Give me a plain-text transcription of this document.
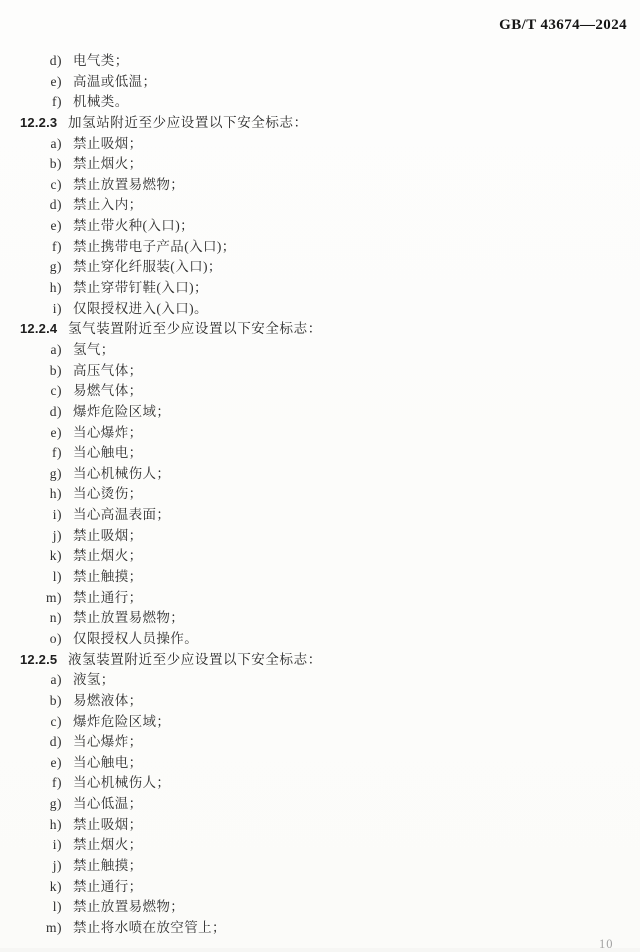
GB/T 43674—2024
d) 电气类；
e) 高温或低温；
f) 机械类。
12.2.3 加氢站附近至少应设置以下安全标志：
a) 禁止吸烟；
b) 禁止烟火；
c) 禁止放置易燃物；
d) 禁止入内；
e) 禁止带火种(入口)；
f) 禁止携带电子产品(入口)；
g) 禁止穿化纤服装(入口)；
h) 禁止穿带钉鞋(入口)；
i) 仅限授权进入(入口)。
12.2.4 氢气装置附近至少应设置以下安全标志：
a) 氢气；
b) 高压气体；
c) 易燃气体；
d) 爆炸危险区域；
e) 当心爆炸；
f) 当心触电；
g) 当心机械伤人；
h) 当心烫伤；
i) 当心高温表面；
j) 禁止吸烟；
k) 禁止烟火；
l) 禁止触摸；
m) 禁止通行；
n) 禁止放置易燃物；
o) 仅限授权人员操作。
12.2.5 液氢装置附近至少应设置以下安全标志：
a) 液氢；
b) 易燃液体；
c) 爆炸危险区域；
d) 当心爆炸；
e) 当心触电；
f) 当心机械伤人；
g) 当心低温；
h) 禁止吸烟；
i) 禁止烟火；
j) 禁止触摸；
k) 禁止通行；
l) 禁止放置易燃物；
m) 禁止将水喷在放空管上；
10
